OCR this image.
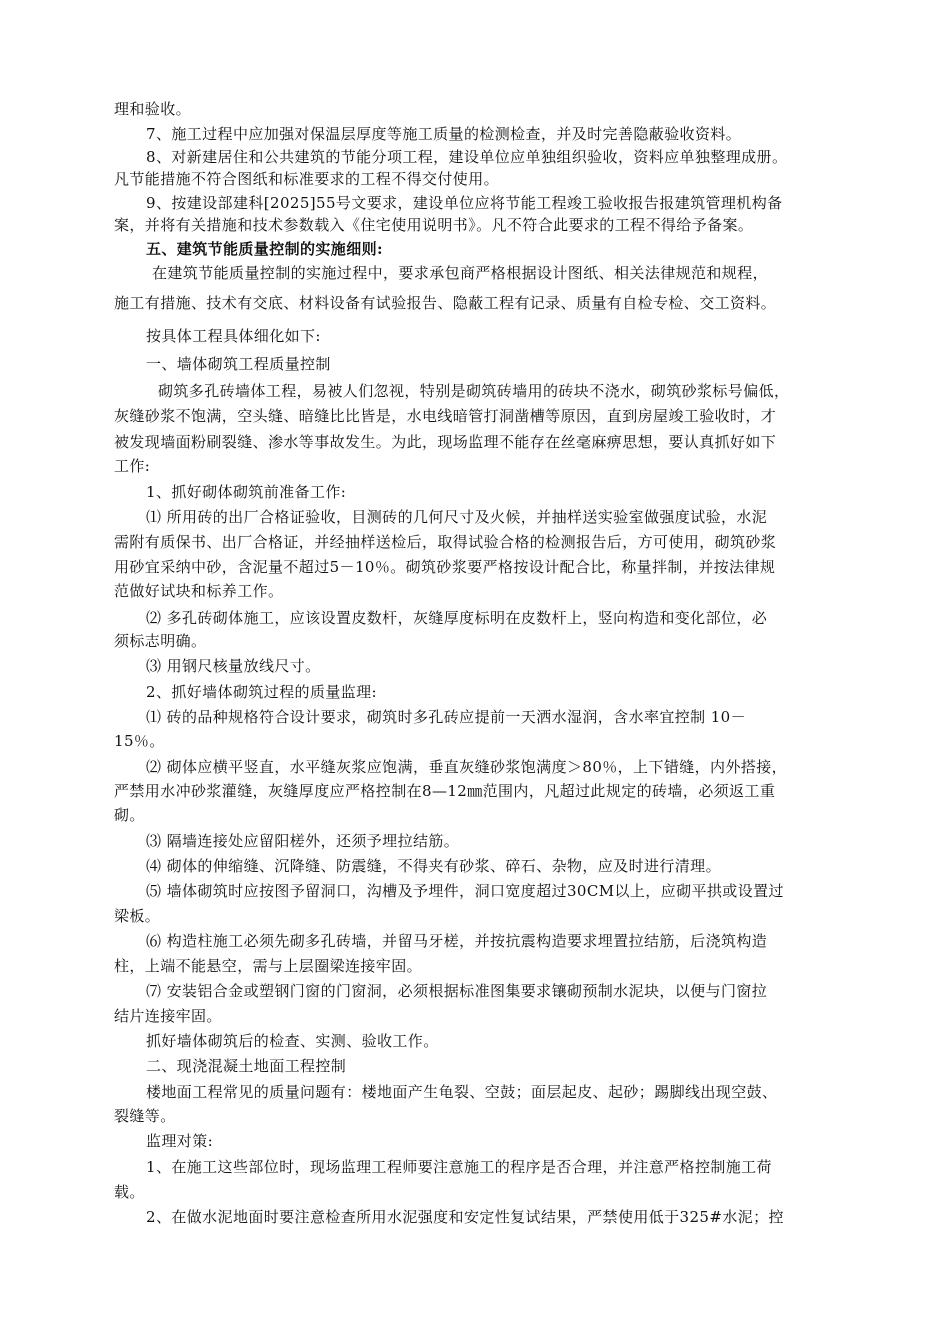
理和验收。

7、施工过程中应加强对保温层厚度等施工质量的检测检查，并及时完善隐蔽验收资料。

8、对新建居住和公共建筑的节能分项工程，建设单位应单独组织验收，资料应单独整理成册。

凡节能措施不符合图纸和标准要求的工程不得交付使用。

9、按建设部建科[2025]55号文要求，建设单位应将节能工程竣工验收报告报建筑管理机构备

案，并将有关措施和技术参数载入《住宅使用说明书》。凡不符合此要求的工程不得给予备案。

五、建筑节能质量控制的实施细则:

在建筑节能质量控制的实施过程中，要求承包商严格根据设计图纸、相关法律规范和规程，

施工有措施、技术有交底、材料设备有试验报告、隐蔽工程有记录、质量有自检专检、交工资料。

按具体工程具体细化如下:

一、墙体砌筑工程质量控制

砌筑多孔砖墙体工程，易被人们忽视，特别是砌筑砖墙用的砖块不浇水，砌筑砂浆标号偏低，

灰缝砂浆不饱满，空头缝、暗缝比比皆是，水电线暗管打洞凿槽等原因，直到房屋竣工验收时，才

被发现墙面粉刷裂缝、渗水等事故发生。为此，现场监理不能存在丝毫麻痹思想，要认真抓好如下

工作:

1、抓好砌体砌筑前准备工作:

⑴ 所用砖的出厂合格证验收，目测砖的几何尺寸及火候，并抽样送实验室做强度试验，水泥

需附有质保书、出厂合格证，并经抽样送检后，取得试验合格的检测报告后，方可使用，砌筑砂浆

用砂宜采纳中砂，含泥量不超过5－10％。砌筑砂浆要严格按设计配合比，称量拌制，并按法律规

范做好试块和标养工作。

⑵ 多孔砖砌体施工，应该设置皮数杆，灰缝厚度标明在皮数杆上，竖向构造和变化部位，必

须标志明确。

⑶ 用钢尺核量放线尺寸。

2、抓好墙体砌筑过程的质量监理:

⑴ 砖的品种规格符合设计要求，砌筑时多孔砖应提前一天洒水湿润，含水率宜控制 10－

15％。

⑵ 砌体应横平竖直，水平缝灰浆应饱满，垂直灰缝砂浆饱满度＞80％，上下错缝，内外搭接，

严禁用水冲砂浆灌缝，灰缝厚度应严格控制在8—12㎜范围内，凡超过此规定的砖墙，必须返工重

砌。

⑶ 隔墙连接处应留阳槎外，还须予埋拉结筋。

⑷ 砌体的伸缩缝、沉降缝、防震缝，不得夹有砂浆、碎石、杂物，应及时进行清理。

⑸ 墙体砌筑时应按图予留洞口，沟槽及予埋件，洞口宽度超过30CM以上，应砌平拱或设置过

梁板。

⑹ 构造柱施工必须先砌多孔砖墙，并留马牙槎，并按抗震构造要求埋置拉结筋，后浇筑构造

柱，上端不能悬空，需与上层圈梁连接牢固。

⑺ 安装铝合金或塑钢门窗的门窗洞，必须根据标准图集要求镶砌预制水泥块，以便与门窗拉

结片连接牢固。

抓好墙体砌筑后的检查、实测、验收工作。

二、现浇混凝土地面工程控制

楼地面工程常见的质量问题有：楼地面产生龟裂、空鼓；面层起皮、起砂；踢脚线出现空鼓、

裂缝等。

监理对策:

1、在施工这些部位时，现场监理工程师要注意施工的程序是否合理，并注意严格控制施工荷

载。

2、在做水泥地面时要注意检查所用水泥强度和安定性复试结果，严禁使用低于325#水泥；控
